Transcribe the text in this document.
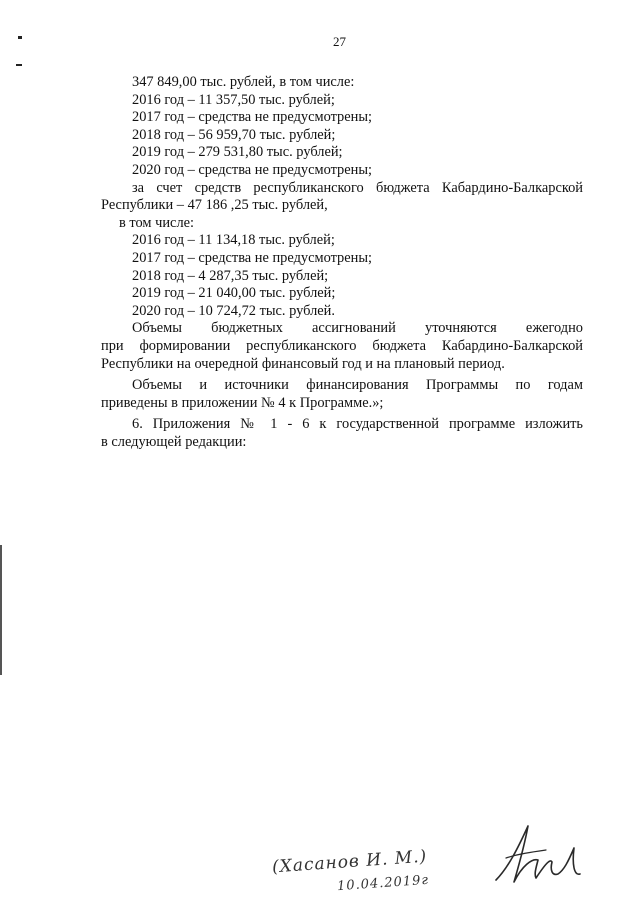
27
347 849,00 тыс. рублей, в том числе:
2016 год – 11 357,50 тыс. рублей;
2017 год – средства не предусмотрены;
2018 год – 56 959,70 тыс. рублей;
2019 год – 279 531,80 тыс. рублей;
2020 год – средства не предусмотрены;
за счет средств республиканского бюджета Кабардино-Балкарской
Республики – 47 186 ,25 тыс. рублей,
в том числе:
2016 год – 11 134,18 тыс. рублей;
2017 год – средства не предусмотрены;
2018 год – 4 287,35 тыс. рублей;
2019 год – 21 040,00 тыс. рублей;
2020 год – 10 724,72 тыс. рублей.
Объемы бюджетных ассигнований уточняются ежегодно
при формировании республиканского бюджета Кабардино-Балкарской
Республики на очередной финансовый год и на плановый период.
Объемы и источники финансирования Программы по годам
приведены в приложении № 4 к Программе.»;
6. Приложения № 1 - 6 к государственной программе изложить
в следующей редакции:
(Хасанов И. М.)
10.04.2019г
